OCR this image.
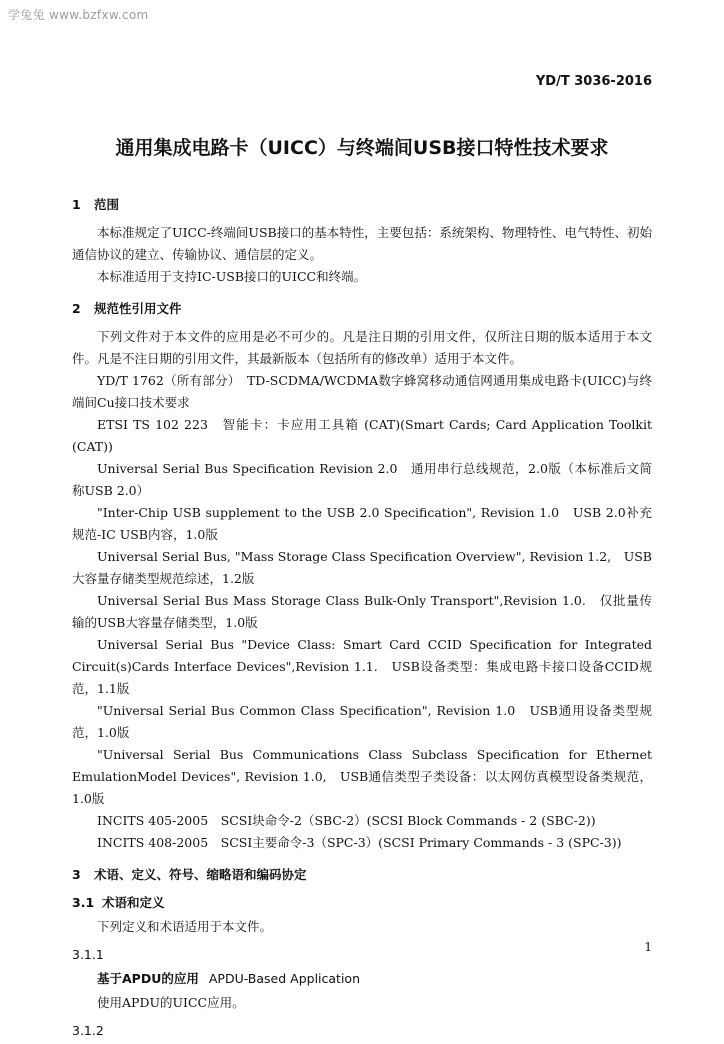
学兔兔 www.bzfxw.com
YD/T 3036-2016
通用集成电路卡（UICC）与终端间USB接口特性技术要求
1 范围

本标准规定了UICC-终端间USB接口的基本特性，主要包括：系统架构、物理特性、电气特性、初始通信协议的建立、传输协议、通信层的定义。

本标准适用于支持IC-USB接口的UICC和终端。

2 规范性引用文件

下列文件对于本文件的应用是必不可少的。凡是注日期的引用文件，仅所注日期的版本适用于本文件。凡是不注日期的引用文件，其最新版本（包括所有的修改单）适用于本文件。

YD/T 1762（所有部分）　TD-SCDMA/WCDMA数字蜂窝移动通信网通用集成电路卡(UICC)与终端间Cu接口技术要求

ETSI TS 102 223　智能卡：卡应用工具箱 (CAT)(Smart Cards; Card Application Toolkit (CAT))

Universal Serial Bus Specification Revision 2.0　通用串行总线规范，2.0版（本标准后文简称USB 2.0）

"Inter-Chip USB supplement to the USB 2.0 Specification", Revision 1.0　USB 2.0补充规范-IC USB内容，1.0版

Universal Serial Bus, "Mass Storage Class Specification Overview", Revision 1.2,　USB大容量存储类型规范综述，1.2版

Universal Serial Bus Mass Storage Class Bulk-Only Transport",Revision 1.0.　仅批量传输的USB大容量存储类型，1.0版

Universal Serial Bus "Device Class: Smart Card CCID Specification for Integrated Circuit(s)Cards Interface Devices",Revision 1.1.　USB设备类型：集成电路卡接口设备CCID规范，1.1版

"Universal Serial Bus Common Class Specification", Revision 1.0　USB通用设备类型规范，1.0版

"Universal Serial Bus Communications Class Subclass Specification for Ethernet EmulationModel Devices", Revision 1.0,　USB通信类型子类设备：以太网仿真模型设备类规范，1.0版

INCITS 405-2005　SCSI块命令-2（SBC-2）(SCSI Block Commands - 2 (SBC-2))

INCITS 408-2005　SCSI主要命令-3（SPC-3）(SCSI Primary Commands - 3 (SPC-3))

3 术语、定义、符号、缩略语和编码协定
3.1 术语和定义

下列定义和术语适用于本文件。

3.1.1
基于APDU的应用 APDU-Based Application

使用APDU的UICC应用。

3.1.2
1
